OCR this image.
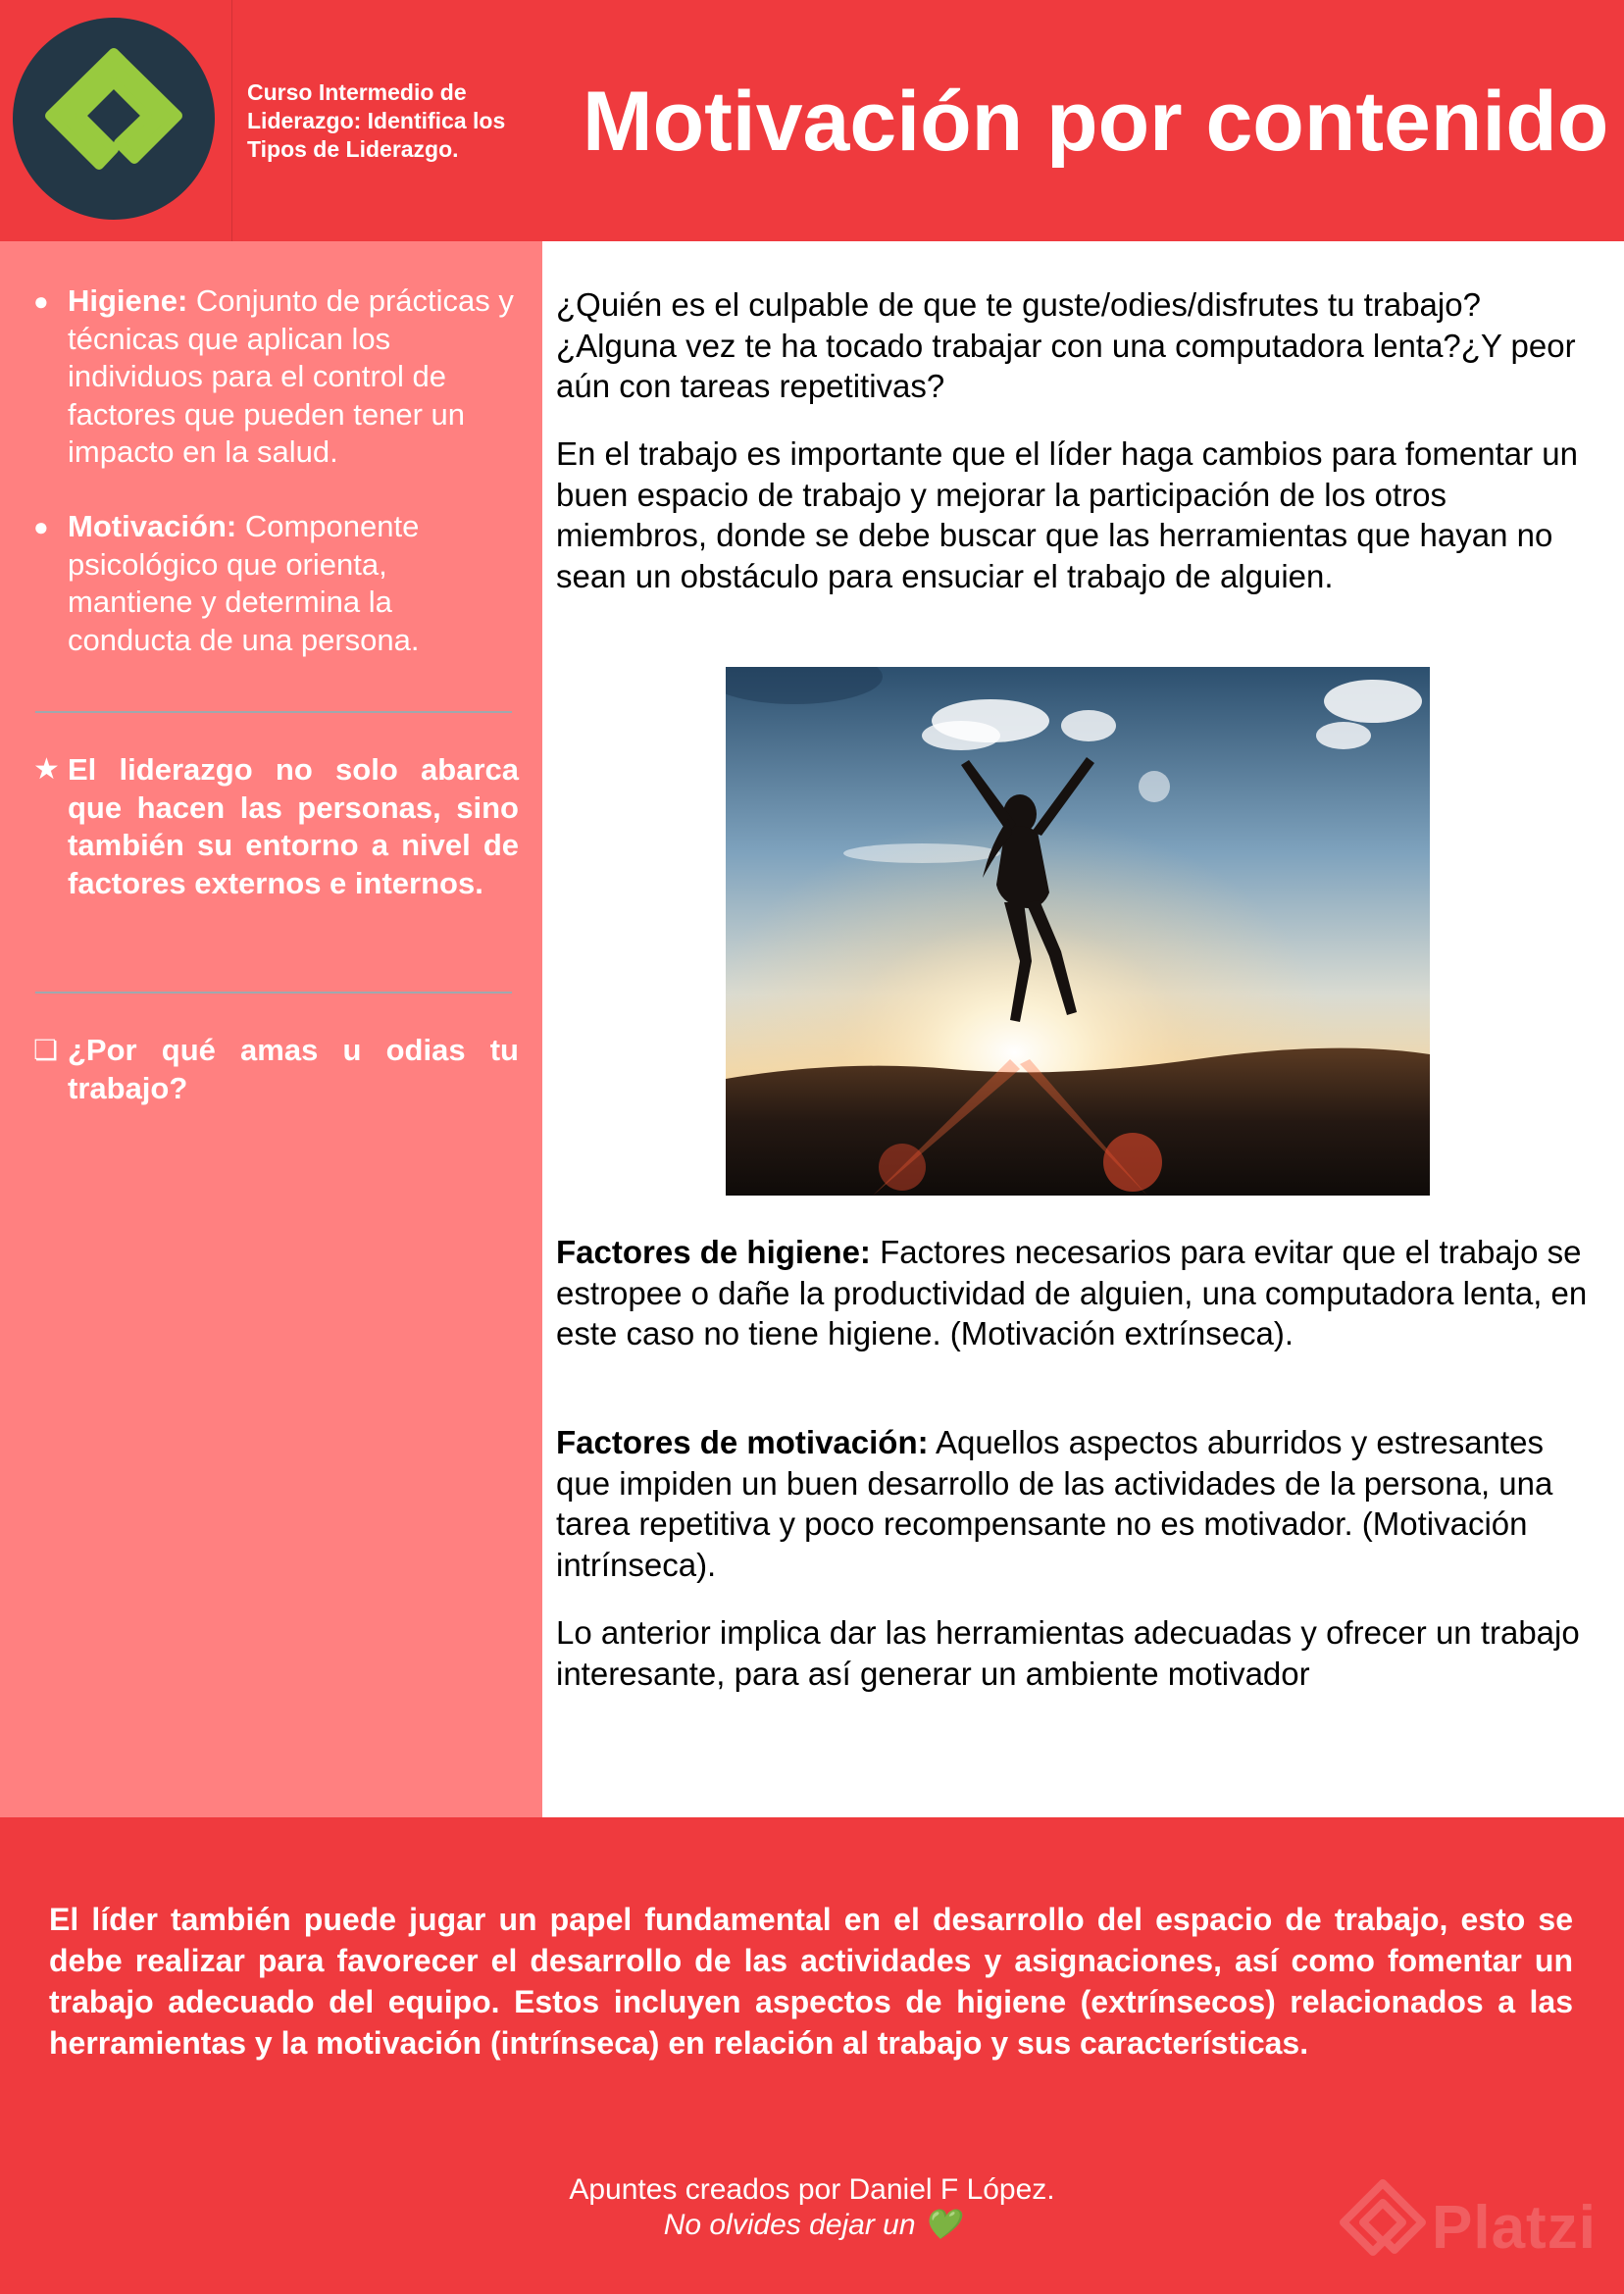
Curso Intermedio de Liderazgo: Identifica los Tipos de Liderazgo.	Motivación por contenido
● Higiene: Conjunto de prácticas y técnicas que aplican los individuos para el control de factores que pueden tener un impacto en la salud.
● Motivación: Componente psicológico que orienta, mantiene y determina la conducta de una persona.
★ El liderazgo no solo abarca que hacen las personas, sino también su entorno a nivel de factores externos e internos.
❏ ¿Por qué amas u odias tu trabajo?
¿Quién es el culpable de que te guste/odies/disfrutes tu trabajo? ¿Alguna vez te ha tocado trabajar con una computadora lenta?¿Y peor aún con tareas repetitivas?
En el trabajo es importante que el líder haga cambios para fomentar un buen espacio de trabajo y mejorar la participación de los otros miembros, donde se debe buscar que las herramientas que hayan no sean un obstáculo para ensuciar el trabajo de alguien.
Factores de higiene: Factores necesarios para evitar que el trabajo se estropee o dañe la productividad de alguien, una computadora lenta, en este caso no tiene higiene. (Motivación extrínseca).
Factores de motivación: Aquellos aspectos aburridos y estresantes que impiden un buen desarrollo de las actividades de la persona, una tarea repetitiva y poco recompensante no es motivador. (Motivación intrínseca).
Lo anterior implica dar las herramientas adecuadas y ofrecer un trabajo interesante, para así generar un ambiente motivador
El líder también puede jugar un papel fundamental en el desarrollo del espacio de trabajo, esto se debe realizar para favorecer el desarrollo de las actividades y asignaciones, así como fomentar un trabajo adecuado del equipo. Estos incluyen aspectos de higiene (extrínsecos) relacionados a las herramientas y la motivación (intrínseca) en relación al trabajo y sus características.
Apuntes creados por Daniel F López.
No olvides dejar un 💚	Platzi
